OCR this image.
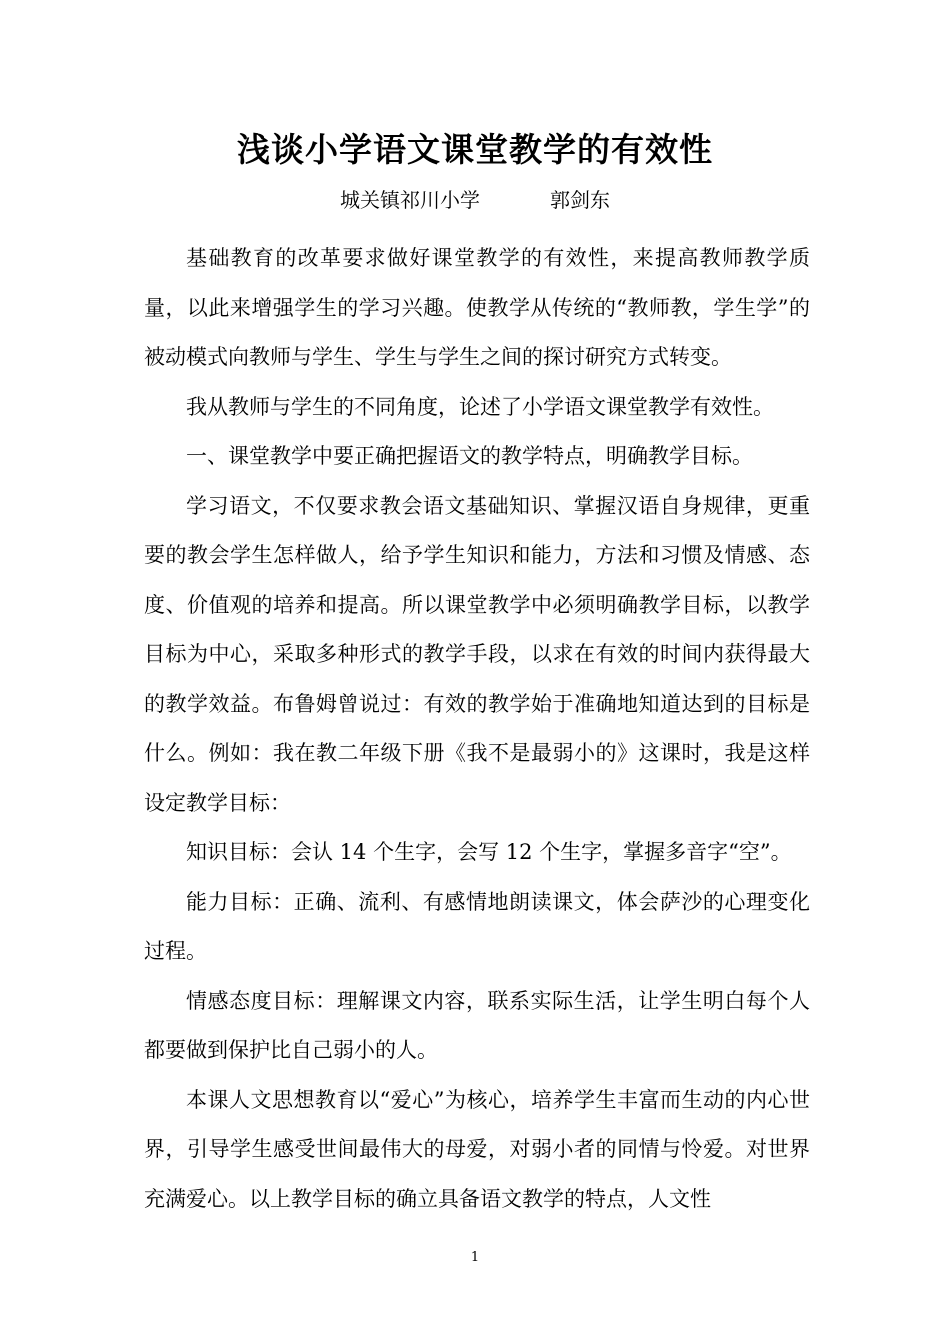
浅谈小学语文课堂教学的有效性
城关镇祁川小学	郭剑东

基础教育的改革要求做好课堂教学的有效性，来提高教师教学质量，以此来增强学生的学习兴趣。使教学从传统的“教师教，学生学”的被动模式向教师与学生、学生与学生之间的探讨研究方式转变。

我从教师与学生的不同角度，论述了小学语文课堂教学有效性。

一、课堂教学中要正确把握语文的教学特点，明确教学目标。

学习语文，不仅要求教会语文基础知识、掌握汉语自身规律，更重要的教会学生怎样做人，给予学生知识和能力，方法和习惯及情感、态度、价值观的培养和提高。所以课堂教学中必须明确教学目标，以教学目标为中心，采取多种形式的教学手段，以求在有效的时间内获得最大的教学效益。布鲁姆曾说过：有效的教学始于准确地知道达到的目标是什么。例如：我在教二年级下册《我不是最弱小的》这课时，我是这样设定教学目标：

知识目标：会认 14 个生字，会写 12 个生字，掌握多音字“空”。

能力目标：正确、流利、有感情地朗读课文，体会萨沙的心理变化过程。

情感态度目标：理解课文内容，联系实际生活，让学生明白每个人都要做到保护比自己弱小的人。

本课人文思想教育以“爱心”为核心，培养学生丰富而生动的内心世界，引导学生感受世间最伟大的母爱，对弱小者的同情与怜爱。对世界充满爱心。以上教学目标的确立具备语文教学的特点，人文性

1
